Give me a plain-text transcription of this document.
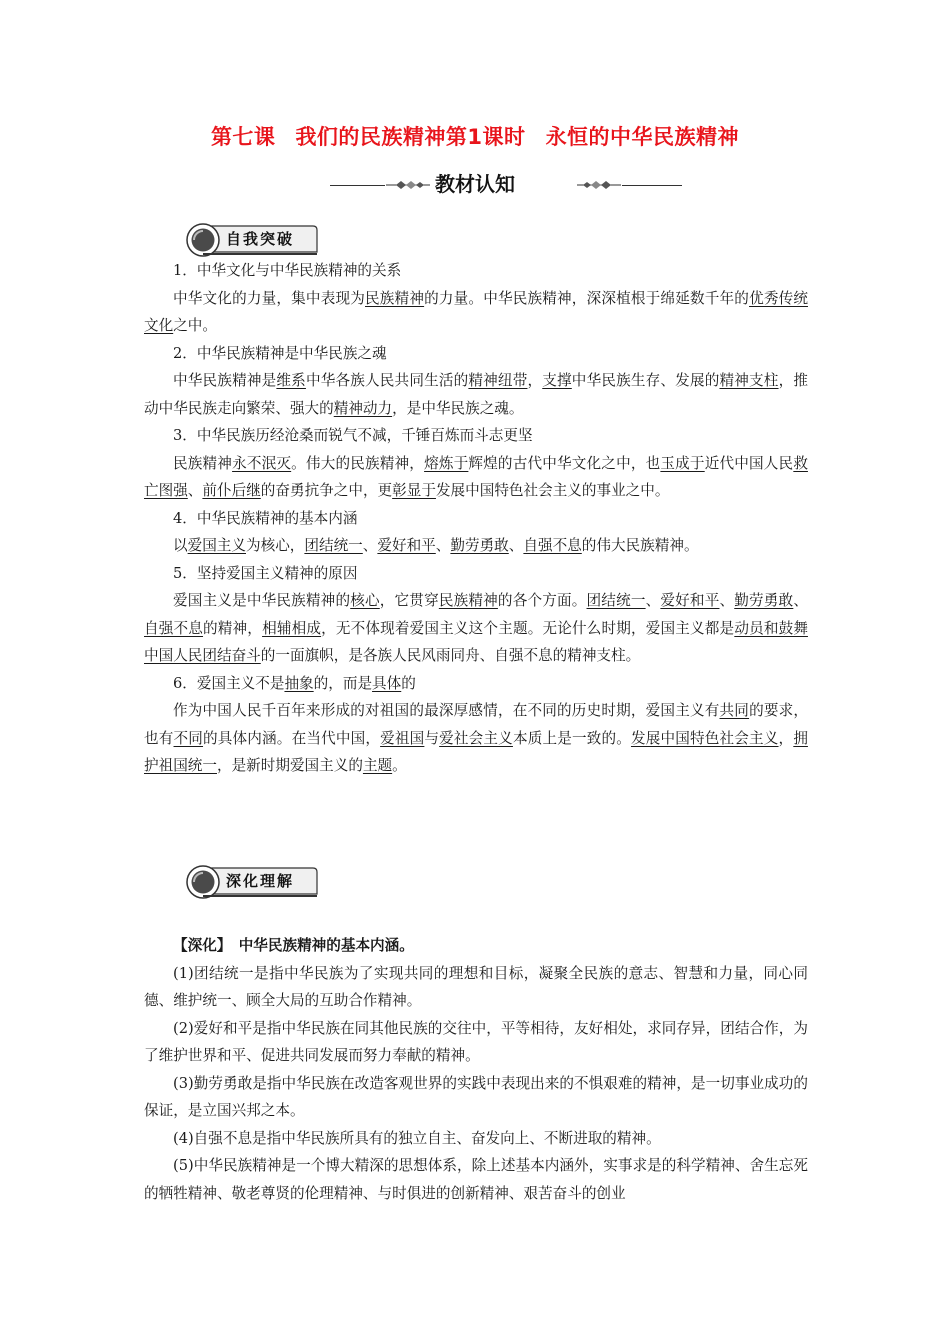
第七课 我们的民族精神第1课时 永恒的中华民族精神
教材认知
自我突破

1．中华文化与中华民族精神的关系

中华文化的力量，集中表现为民族精神的力量。中华民族精神，深深植根于绵延数千年的优秀传统文化之中。

2．中华民族精神是中华民族之魂

中华民族精神是维系中华各族人民共同生活的精神纽带，支撑中华民族生存、发展的精神支柱，推动中华民族走向繁荣、强大的精神动力，是中华民族之魂。

3．中华民族历经沧桑而锐气不减，千锤百炼而斗志更坚

民族精神永不泯灭。伟大的民族精神，熔炼于辉煌的古代中华文化之中，也玉成于近代中国人民救亡图强、前仆后继的奋勇抗争之中，更彰显于发展中国特色社会主义的事业之中。

4．中华民族精神的基本内涵

以爱国主义为核心，团结统一、爱好和平、勤劳勇敢、自强不息的伟大民族精神。

5．坚持爱国主义精神的原因

爱国主义是中华民族精神的核心，它贯穿民族精神的各个方面。团结统一、爱好和平、勤劳勇敢、自强不息的精神，相辅相成，无不体现着爱国主义这个主题。无论什么时期，爱国主义都是动员和鼓舞中国人民团结奋斗的一面旗帜，是各族人民风雨同舟、自强不息的精神支柱。

6．爱国主义不是抽象的，而是具体的

作为中国人民千百年来形成的对祖国的最深厚感情，在不同的历史时期，爱国主义有共同的要求，也有不同的具体内涵。在当代中国，爱祖国与爱社会主义本质上是一致的。发展中国特色社会主义，拥护祖国统一，是新时期爱国主义的主题。

深化理解

【深化】　 中华民族精神的基本内涵。

(1)团结统一是指中华民族为了实现共同的理想和目标，凝聚全民族的意志、智慧和力量，同心同德、维护统一、顾全大局的互助合作精神。

(2)爱好和平是指中华民族在同其他民族的交往中，平等相待，友好相处，求同存异，团结合作，为了维护世界和平、促进共同发展而努力奉献的精神。

(3)勤劳勇敢是指中华民族在改造客观世界的实践中表现出来的不惧艰难的精神，是一切事业成功的保证，是立国兴邦之本。

(4)自强不息是指中华民族所具有的独立自主、奋发向上、不断进取的精神。

(5)中华民族精神是一个博大精深的思想体系，除上述基本内涵外，实事求是的科学精神、舍生忘死的牺牲精神、敬老尊贤的伦理精神、与时俱进的创新精神、艰苦奋斗的创业
